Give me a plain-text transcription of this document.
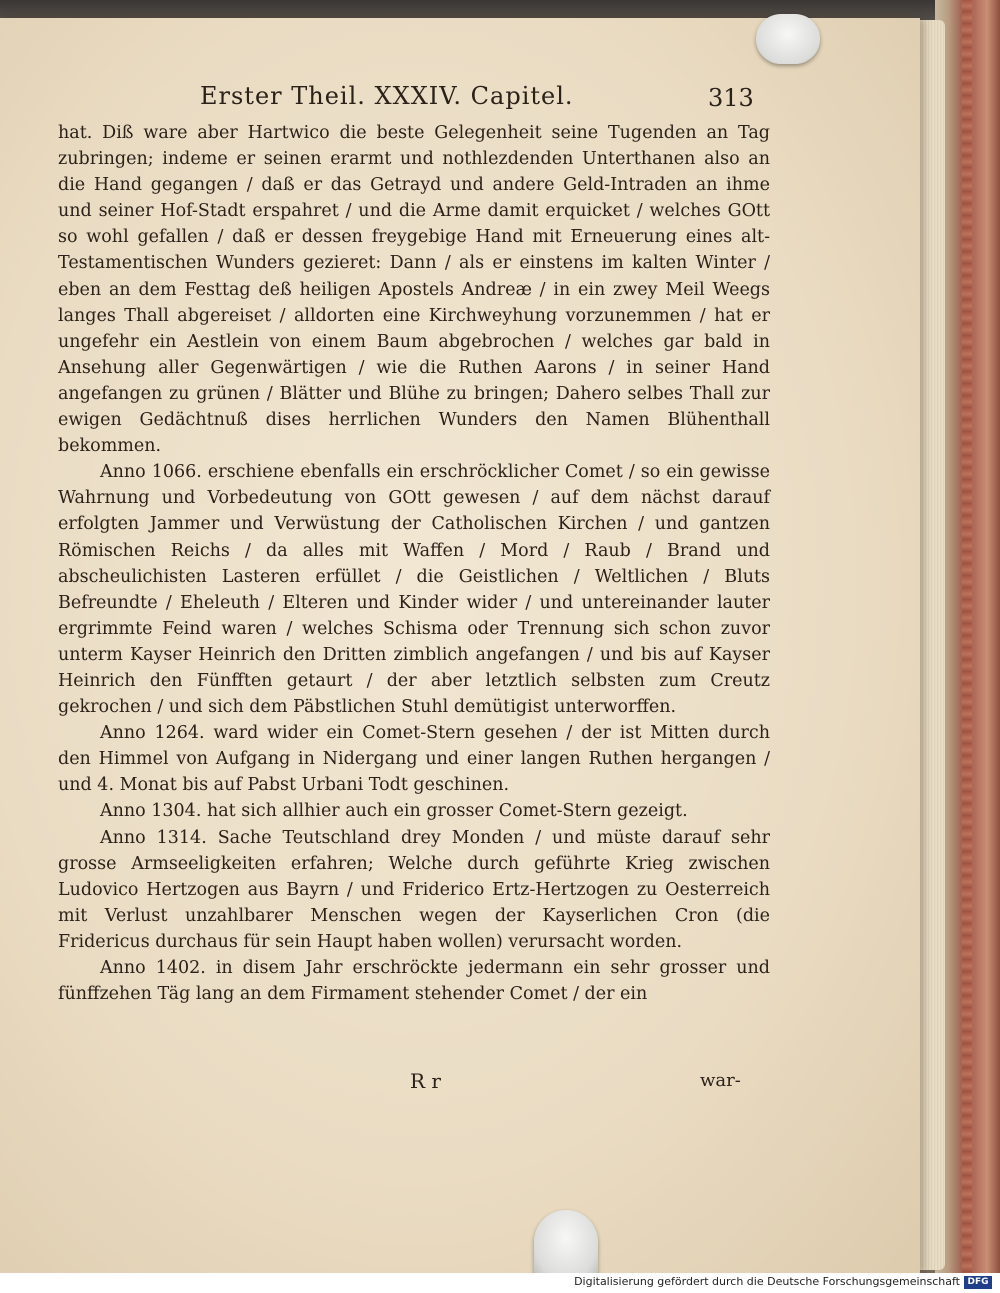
Erster Theil. XXXIV. Capitel.	313

hat. Diß ware aber Hartwico die beste Gelegenheit seine Tugenden an Tag zubringen; indeme er seinen erarmt und nothlezdenden Unterthanen also an die Hand gegangen / daß er das Getrayd und andere Geld-Intraden an ihme und seiner Hof-Stadt erspahret / und die Arme damit erquicket / welches GOtt so wohl gefallen / daß er dessen freygebige Hand mit Erneuerung eines alt-Testamentischen Wunders gezieret: Dann / als er einstens im kalten Winter / eben an dem Festtag deß heiligen Apostels Andreæ / in ein zwey Meil Weegs langes Thall abgereiset / alldorten eine Kirchweyhung vorzunemmen / hat er ungefehr ein Aestlein von einem Baum abgebrochen / welches gar bald in Ansehung aller Gegenwärtigen / wie die Ruthen Aarons / in seiner Hand angefangen zu grünen / Blätter und Blühe zu bringen; Dahero selbes Thall zur ewigen Gedächtnuß dises herrlichen Wunders den Namen Blühenthall bekommen.

Anno 1066. erschiene ebenfalls ein erschröcklicher Comet / so ein gewisse Wahrnung und Vorbedeutung von GOtt gewesen / auf dem nächst darauf erfolgten Jammer und Verwüstung der Catholischen Kirchen / und gantzen Römischen Reichs / da alles mit Waffen / Mord / Raub / Brand und abscheulichisten Lasteren erfüllet / die Geistlichen / Weltlichen / Bluts Befreundte / Eheleuth / Elteren und Kinder wider / und untereinander lauter ergrimmte Feind waren / welches Schisma oder Trennung sich schon zuvor unterm Kayser Heinrich den Dritten zimblich angefangen / und bis auf Kayser Heinrich den Fünfften getaurt / der aber letztlich selbsten zum Creutz gekrochen / und sich dem Päbstlichen Stuhl demütigist unterworffen.

Anno 1264. ward wider ein Comet-Stern gesehen / der ist Mitten durch den Himmel von Aufgang in Nidergang und einer langen Ruthen hergangen / und 4. Monat bis auf Pabst Urbani Todt geschinen.

Anno 1304. hat sich allhier auch ein grosser Comet-Stern gezeigt.

Anno 1314. Sache Teutschland drey Monden / und müste darauf sehr grosse Armseeligkeiten erfahren; Welche durch geführte Krieg zwischen Ludovico Hertzogen aus Bayrn / und Friderico Ertz-Hertzogen zu Oesterreich mit Verlust unzahlbarer Menschen wegen der Kayserlichen Cron (die Fridericus durchaus für sein Haupt haben wollen) verursacht worden.

Anno 1402. in disem Jahr erschröckte jedermann ein sehr grosser und fünffzehen Täg lang an dem Firmament stehender Comet / der ein

R r	war-
Digitalisierung gefördert durch die Deutsche Forschungsgemeinschaft DFG
